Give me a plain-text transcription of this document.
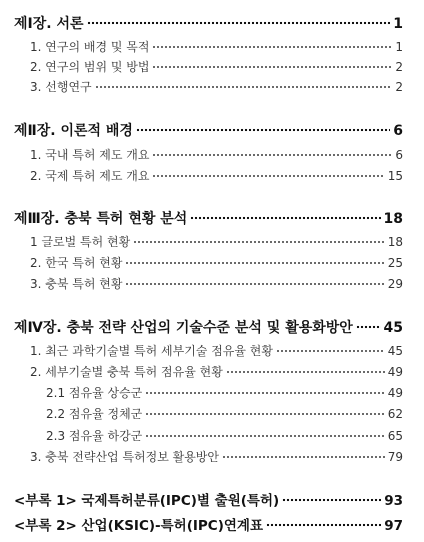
제Ⅰ장. 서론	1
1. 연구의 배경 및 목적	1
2. 연구의 범위 및 방법	2
3. 선행연구	2
제Ⅱ장. 이론적 배경	6
1. 국내 특허 제도 개요	6
2. 국제 특허 제도 개요	15
제Ⅲ장. 충북 특허 현황 분석	18
1 글로벌 특허 현황	18
2. 한국 특허 현황	25
3. 충북 특허 현황	29
제Ⅳ장. 충북 전략 산업의 기술수준 분석 및 활용화방안 45
1. 최근 과학기술별 특허 세부기술 점유율 현황	45
2. 세부기술별 충북 특허 점유율 현황	49
2.1 점유율 상승군	49
2.2 점유율 정체군	62
2.3 점유율 하강군	65
3. 충북 전략산업 특허정보 활용방안	79
<부록 1> 국제특허분류(IPC)별 출원(특허)	93
<부록 2> 산업(KSIC)-특허(IPC)연계표	97
